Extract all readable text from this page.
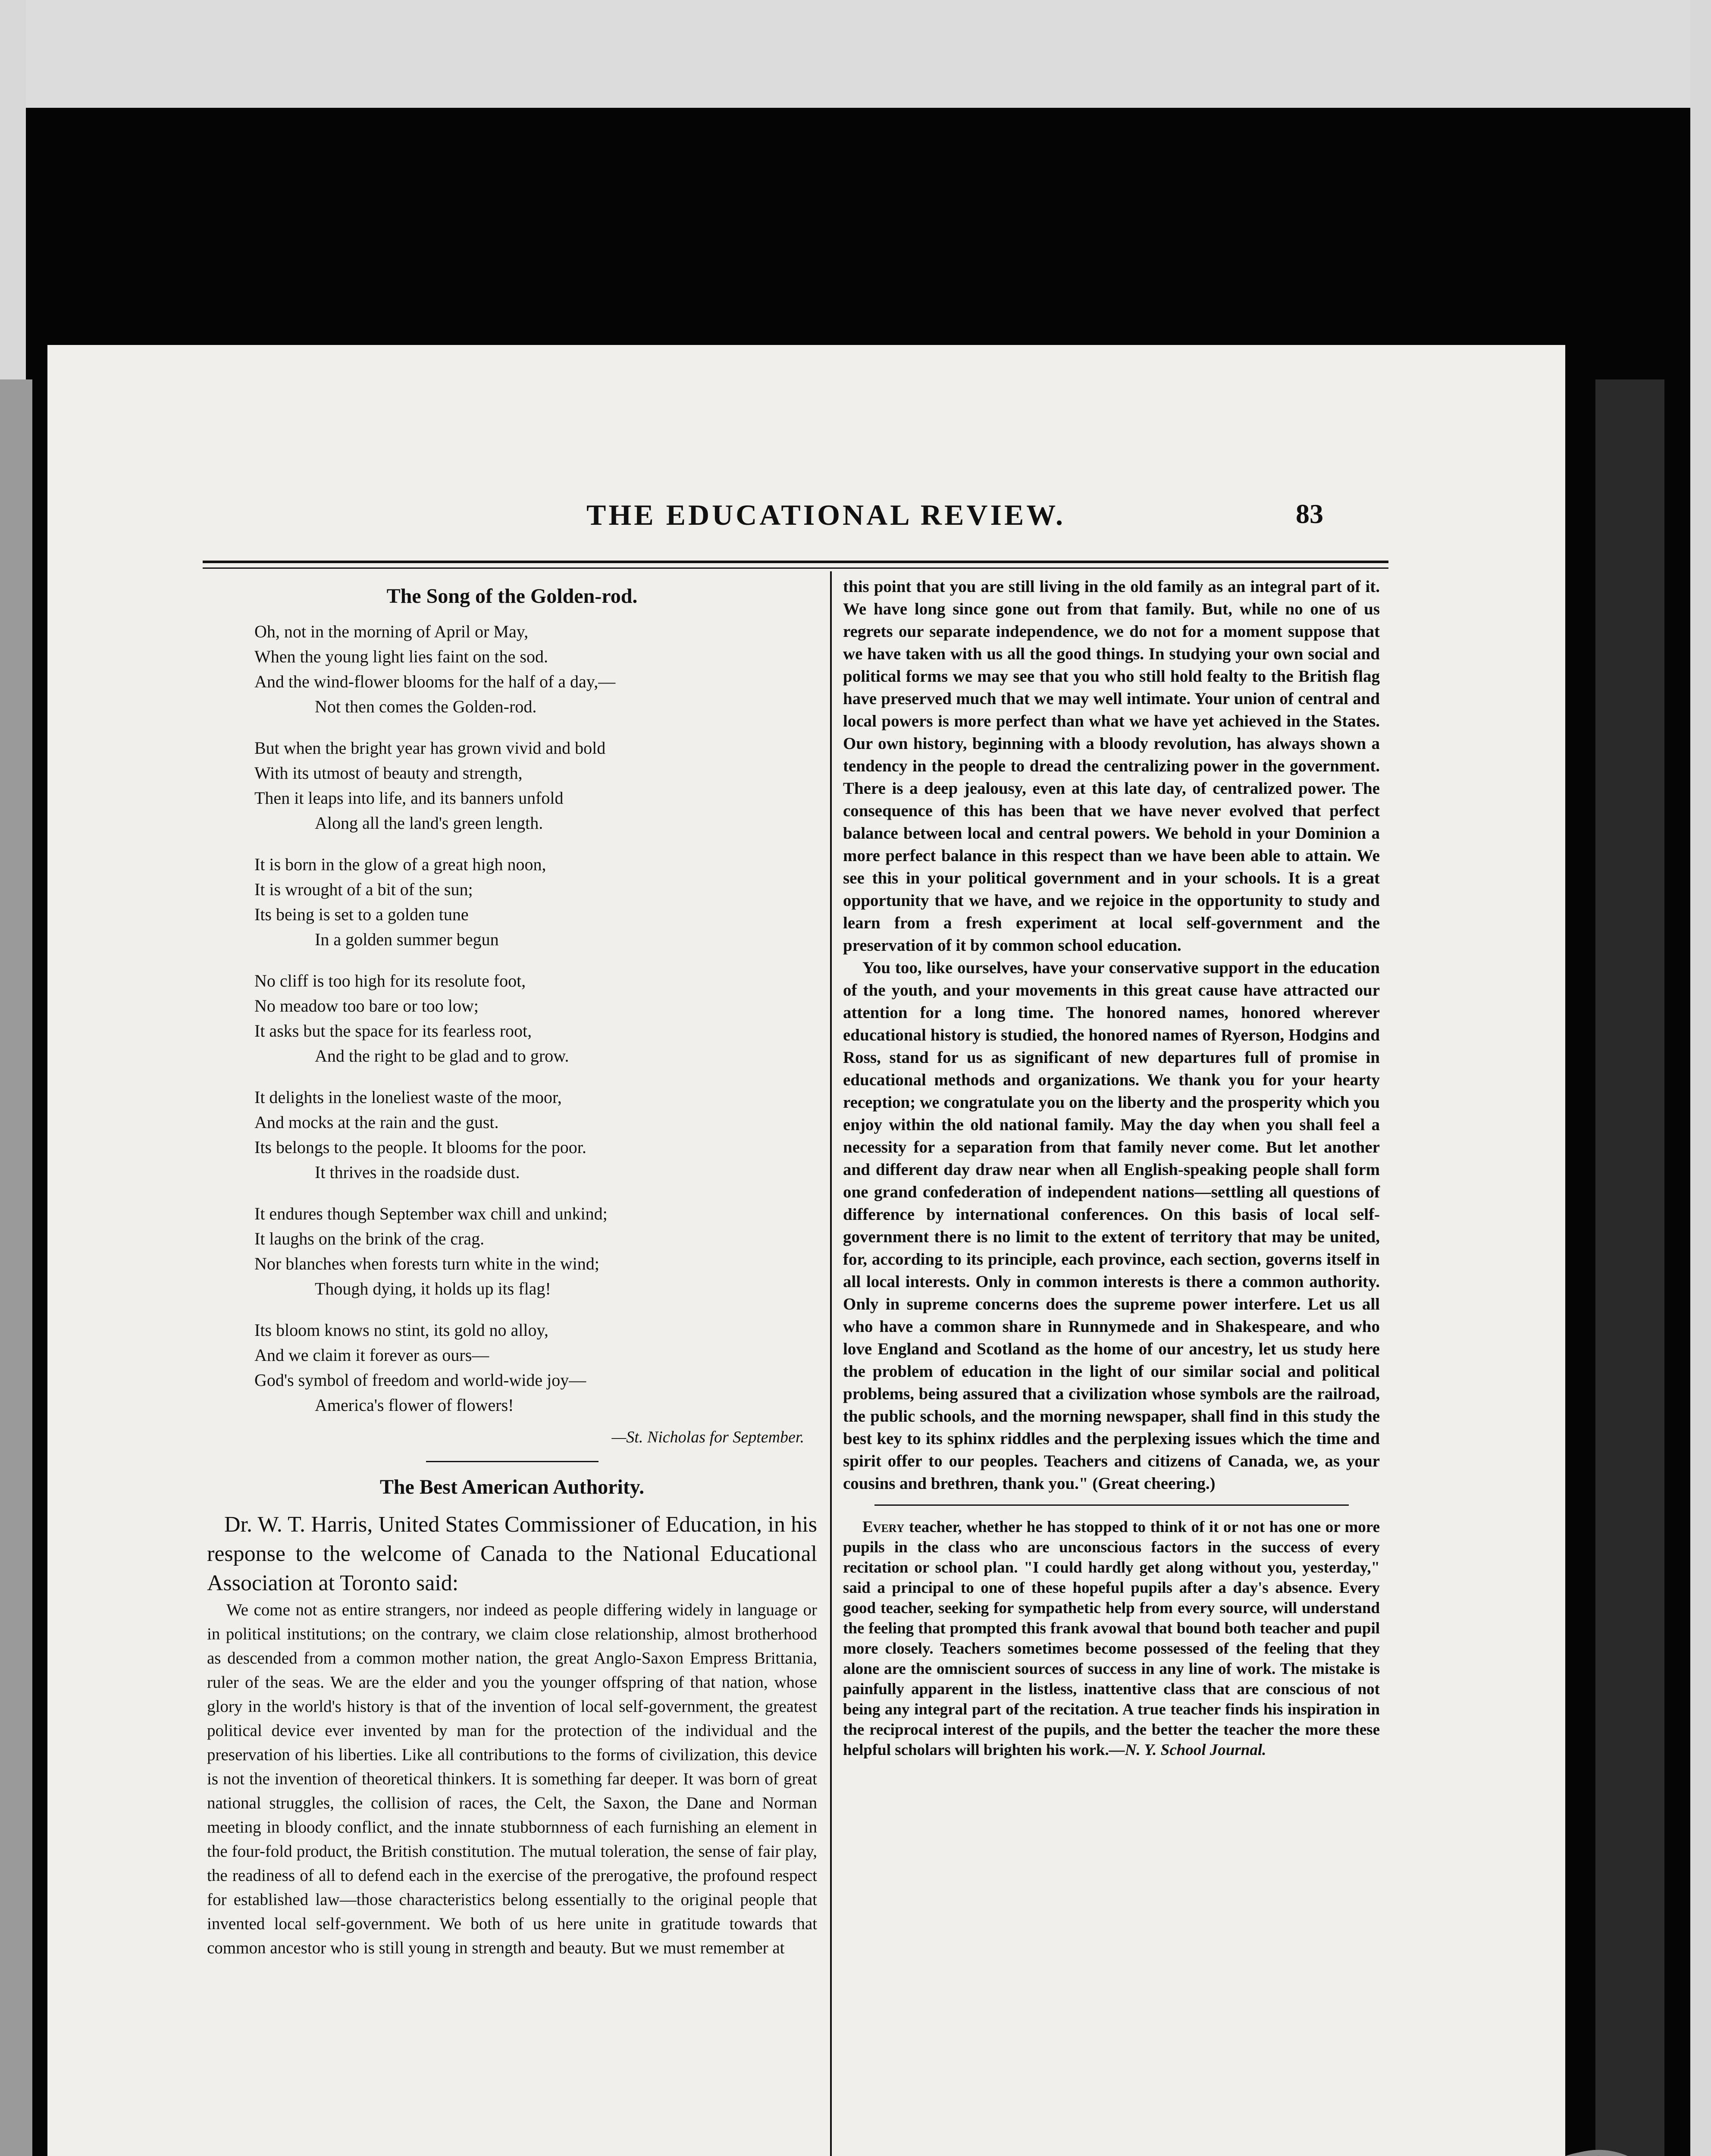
THE EDUCATIONAL REVIEW.	83
The Song of the Golden-rod.
Oh, not in the morning of April or May,
When the young light lies faint on the sod.
And the wind-flower blooms for the half of a day,—
Not then comes the Golden-rod.
But when the bright year has grown vivid and bold
With its utmost of beauty and strength,
Then it leaps into life, and its banners unfold
Along all the land's green length.
It is born in the glow of a great high noon,
It is wrought of a bit of the sun;
Its being is set to a golden tune
In a golden summer begun
No cliff is too high for its resolute foot,
No meadow too bare or too low;
It asks but the space for its fearless root,
And the right to be glad and to grow.
It delights in the loneliest waste of the moor,
And mocks at the rain and the gust.
Its belongs to the people. It blooms for the poor.
It thrives in the roadside dust.
It endures though September wax chill and unkind;
It laughs on the brink of the crag.
Nor blanches when forests turn white in the wind;
Though dying, it holds up its flag!
Its bloom knows no stint, its gold no alloy,
And we claim it forever as ours—
God's symbol of freedom and world-wide joy—
America's flower of flowers!
—St. Nicholas for September.
The Best American Authority.

Dr. W. T. Harris, United States Commissioner of Education, in his response to the welcome of Canada to the National Educational Association at Toronto said:

We come not as entire strangers, nor indeed as people differing widely in language or in political institutions; on the contrary, we claim close relationship, almost brotherhood as descended from a common mother nation, the great Anglo-Saxon Empress Brittania, ruler of the seas. We are the elder and you the younger offspring of that nation, whose glory in the world's history is that of the invention of local self-government, the greatest political device ever invented by man for the protection of the individual and the preservation of his liberties. Like all contributions to the forms of civilization, this device is not the invention of theoretical thinkers. It is something far deeper. It was born of great national struggles, the collision of races, the Celt, the Saxon, the Dane and Norman meeting in bloody conflict, and the innate stubbornness of each furnishing an element in the four-fold product, the British constitution. The mutual toleration, the sense of fair play, the readiness of all to defend each in the exercise of the prerogative, the profound respect for established law—those characteristics belong essentially to the original people that invented local self-government. We both of us here unite in gratitude towards that common ancestor who is still young in strength and beauty. But we must remember at

this point that you are still living in the old family as an integral part of it. We have long since gone out from that family. But, while no one of us regrets our separate independence, we do not for a moment suppose that we have taken with us all the good things. In studying your own social and political forms we may see that you who still hold fealty to the British flag have preserved much that we may well intimate. Your union of central and local powers is more perfect than what we have yet achieved in the States. Our own history, beginning with a bloody revolution, has always shown a tendency in the people to dread the centralizing power in the government. There is a deep jealousy, even at this late day, of centralized power. The consequence of this has been that we have never evolved that perfect balance between local and central powers. We behold in your Dominion a more perfect balance in this respect than we have been able to attain. We see this in your political government and in your schools. It is a great opportunity that we have, and we rejoice in the opportunity to study and learn from a fresh experiment at local self-government and the preservation of it by common school education.

You too, like ourselves, have your conservative support in the education of the youth, and your movements in this great cause have attracted our attention for a long time. The honored names, honored wherever educational history is studied, the honored names of Ryerson, Hodgins and Ross, stand for us as significant of new departures full of promise in educational methods and organizations. We thank you for your hearty reception; we congratulate you on the liberty and the prosperity which you enjoy within the old national family. May the day when you shall feel a necessity for a separation from that family never come. But let another and different day draw near when all English-speaking people shall form one grand confederation of independent nations—settling all questions of difference by international conferences. On this basis of local self-government there is no limit to the extent of territory that may be united, for, according to its principle, each province, each section, governs itself in all local interests. Only in common interests is there a common authority. Only in supreme concerns does the supreme power interfere. Let us all who have a common share in Runnymede and in Shakespeare, and who love England and Scotland as the home of our ancestry, let us study here the problem of education in the light of our similar social and political problems, being assured that a civilization whose symbols are the railroad, the public schools, and the morning newspaper, shall find in this study the best key to its sphinx riddles and the perplexing issues which the time and spirit offer to our peoples. Teachers and citizens of Canada, we, as your cousins and brethren, thank you." (Great cheering.)

Every teacher, whether he has stopped to think of it or not has one or more pupils in the class who are unconscious factors in the success of every recitation or school plan. "I could hardly get along without you, yesterday," said a principal to one of these hopeful pupils after a day's absence. Every good teacher, seeking for sympathetic help from every source, will understand the feeling that prompted this frank avowal that bound both teacher and pupil more closely. Teachers sometimes become possessed of the feeling that they alone are the omniscient sources of success in any line of work. The mistake is painfully apparent in the listless, inattentive class that are conscious of not being any integral part of the recitation. A true teacher finds his inspiration in the reciprocal interest of the pupils, and the better the teacher the more these helpful scholars will brighten his work.—N. Y. School Journal.
